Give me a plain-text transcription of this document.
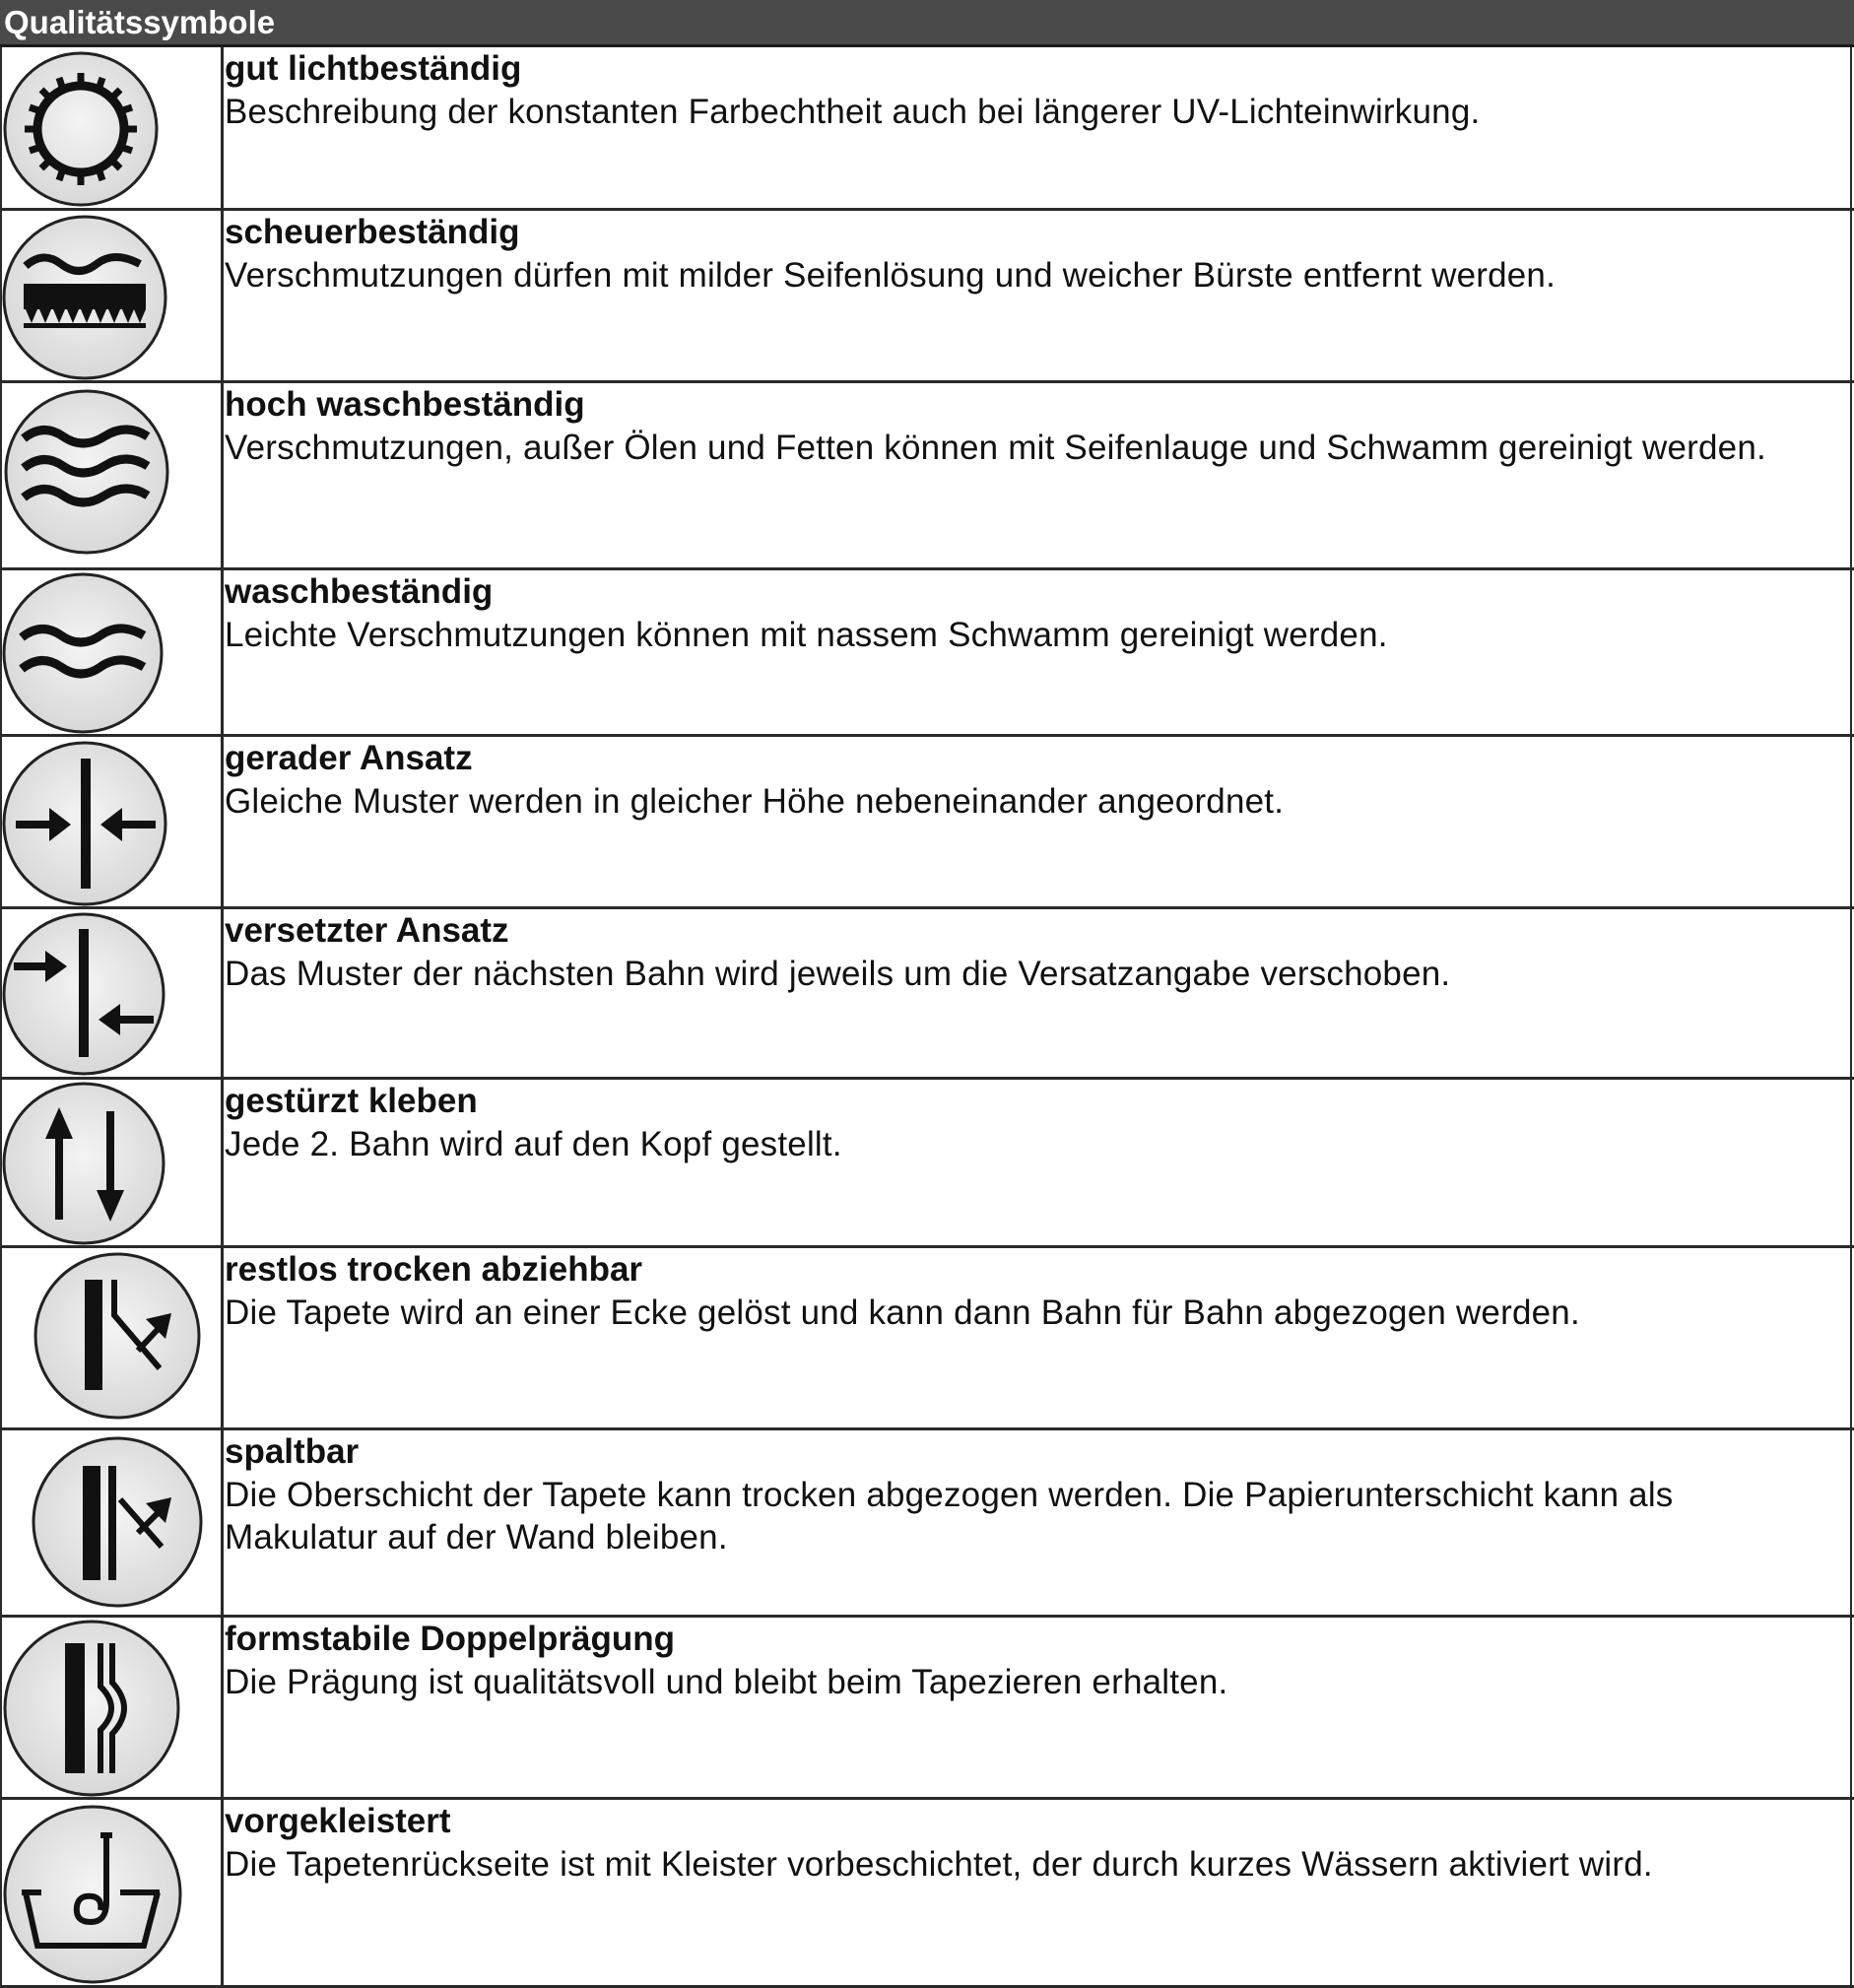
Qualitätssymbole
gut lichtbeständig
Beschreibung der konstanten Farbechtheit auch bei längerer UV-Lichteinwirkung.
scheuerbeständig
Verschmutzungen dürfen mit milder Seifenlösung und weicher Bürste entfernt werden.
hoch waschbeständig
Verschmutzungen, außer Ölen und Fetten können mit Seifenlauge und Schwamm gereinigt werden.
waschbeständig
Leichte Verschmutzungen können mit nassem Schwamm gereinigt werden.
gerader Ansatz
Gleiche Muster werden in gleicher Höhe nebeneinander angeordnet.
versetzter Ansatz
Das Muster der nächsten Bahn wird jeweils um die Versatzangabe verschoben.
gestürzt kleben
Jede 2. Bahn wird auf den Kopf gestellt.
restlos trocken abziehbar
Die Tapete wird an einer Ecke gelöst und kann dann Bahn für Bahn abgezogen werden.
spaltbar
Die Oberschicht der Tapete kann trocken abgezogen werden. Die Papierunterschicht kann als Makulatur auf der Wand bleiben.
formstabile Doppelprägung
Die Prägung ist qualitätsvoll und bleibt beim Tapezieren erhalten.
vorgekleistert
Die Tapetenrückseite ist mit Kleister vorbeschichtet, der durch kurzes Wässern aktiviert wird.
